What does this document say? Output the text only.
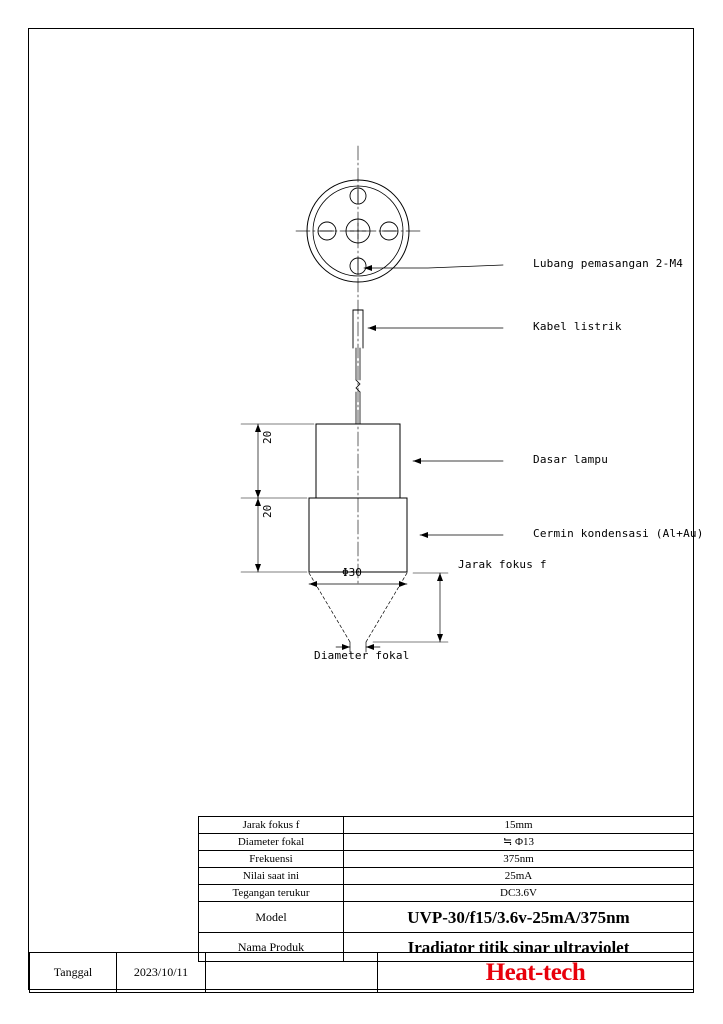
Lubang pemasangan 2-M4
Kabel listrik
Dasar lampu
Cermin kondensasi (Al+Au)
Jarak fokus f
Diameter fokal
20
20
Φ30
Jarak fokus f	15mm
Diameter fokal	≒ Φ13
Frekuensi	375nm
Nilai saat ini	25mA
Tegangan terukur	DC3.6V
Model	UVP-30/f15/3.6v-25mA/375nm
Nama Produk	Iradiator titik sinar ultraviolet
Tanggal	2023/10/11		Heat-tech
